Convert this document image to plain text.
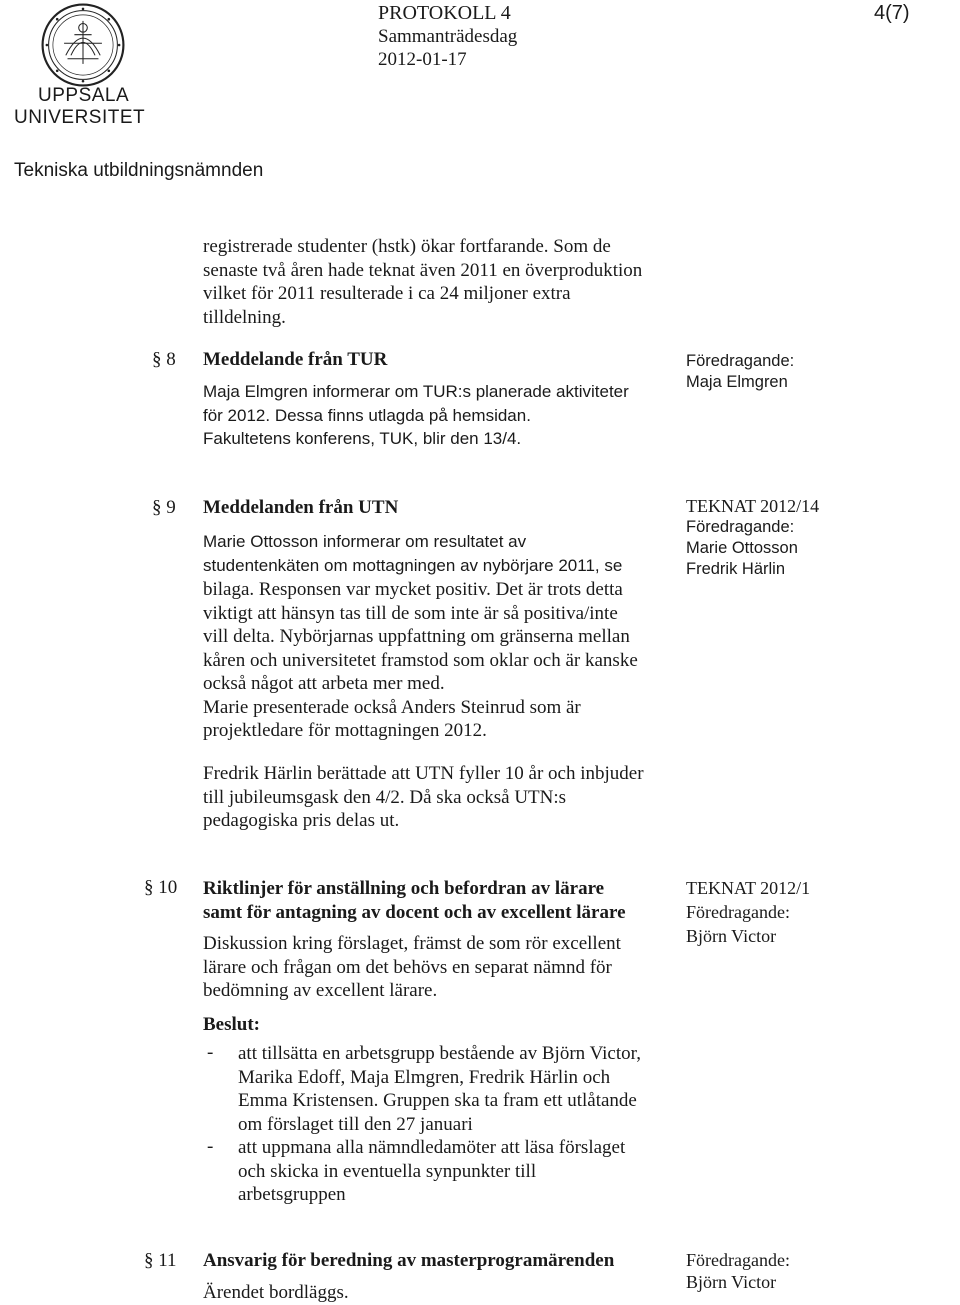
UPPSALA
UNIVERSITET
Tekniska utbildningsnämnden
PROTOKOLL 4
Sammanträdesdag
2012-01-17
4(7)
registrerade studenter (hstk) ökar fortfarande. Som de
senaste två åren hade teknat även 2011 en överproduktion
vilket för 2011 resulterade i ca 24 miljoner extra
tilldelning.
§ 8 Meddelande från TUR
Maja Elmgren informerar om TUR:s planerade aktiviteter
för 2012. Dessa finns utlagda på hemsidan.
Fakultetens konferens, TUK, blir den 13/4.
Föredragande:
Maja Elmgren
§ 9 Meddelanden från UTN
Marie Ottosson informerar om resultatet av
studentenkäten om mottagningen av nybörjare 2011, se
bilaga. Responsen var mycket positiv. Det är trots detta
viktigt att hänsyn tas till de som inte är så positiva/inte
vill delta. Nybörjarnas uppfattning om gränserna mellan
kåren och universitetet framstod som oklar och är kanske
också något att arbeta mer med.
Marie presenterade också Anders Steinrud som är
projektledare för mottagningen 2012.
Fredrik Härlin berättade att UTN fyller 10 år och inbjuder
till jubileumsgask den 4/2. Då ska också UTN:s
pedagogiska pris delas ut.
TEKNAT 2012/14
Föredragande:
Marie Ottosson
Fredrik Härlin
§ 10 Riktlinjer för anställning och befordran av lärare
samt för antagning av docent och av excellent lärare
Diskussion kring förslaget, främst de som rör excellent
lärare och frågan om det behövs en separat nämnd för
bedömning av excellent lärare.
Beslut:
- att tillsätta en arbetsgrupp bestående av Björn Victor,
Marika Edoff, Maja Elmgren, Fredrik Härlin och
Emma Kristensen. Gruppen ska ta fram ett utlåtande
om förslaget till den 27 januari
- att uppmana alla nämndledamöter att läsa förslaget
och skicka in eventuella synpunkter till
arbetsgruppen
TEKNAT 2012/1
Föredragande:
Björn Victor
§ 11 Ansvarig för beredning av masterprogramärenden
Ärendet bordläggs.
Föredragande:
Björn Victor
